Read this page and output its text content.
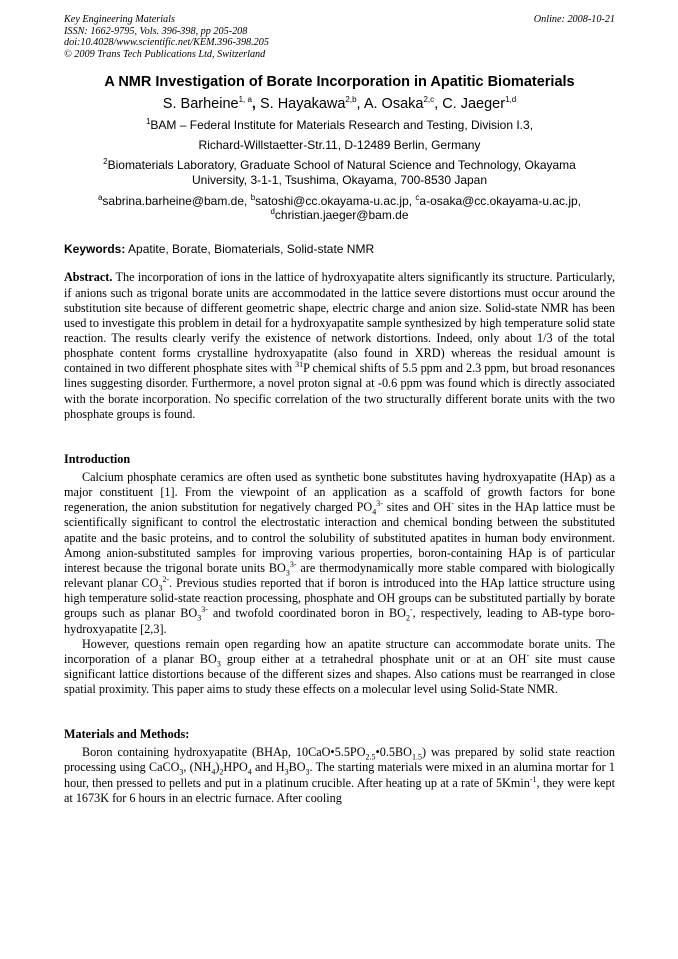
Key Engineering Materials
ISSN: 1662-9795, Vols. 396-398, pp 205-208
doi:10.4028/www.scientific.net/KEM.396-398.205
© 2009 Trans Tech Publications Ltd, Switzerland
Online: 2008-10-21
A NMR Investigation of Borate Incorporation in Apatitic Biomaterials
S. Barheine$^{1, a}$, S. Hayakawa$^{2,b}$, A. Osaka$^{2,c}$, C. Jaeger$^{1,d}$
$^1$BAM – Federal Institute for Materials Research and Testing, Division I.3,
Richard-Willstaetter-Str.11, D-12489 Berlin, Germany
$^2$Biomaterials Laboratory, Graduate School of Natural Science and Technology, Okayama
University, 3-1-1, Tsushima, Okayama, 700-8530 Japan
$^a$sabrina.barheine@bam.de, $^b$satoshi@cc.okayama-u.ac.jp, $^c$a-osaka@cc.okayama-u.ac.jp,
$^d$christian.jaeger@bam.de
Keywords: Apatite, Borate, Biomaterials, Solid-state NMR
Abstract. The incorporation of ions in the lattice of hydroxyapatite alters significantly its structure. Particularly, if anions such as trigonal borate units are accommodated in the lattice severe distortions must occur around the substitution site because of different geometric shape, electric charge and anion size. Solid-state NMR has been used to investigate this problem in detail for a hydroxyapatite sample synthesized by high temperature solid state reaction. The results clearly verify the existence of network distortions. Indeed, only about 1/3 of the total phosphate content forms crystalline hydroxyapatite (also found in XRD) whereas the residual amount is contained in two different phosphate sites with $^{31}$P chemical shifts of 5.5 ppm and 2.3 ppm, but broad resonances lines suggesting disorder. Furthermore, a novel proton signal at -0.6 ppm was found which is directly associated with the borate incorporation. No specific correlation of the two structurally different borate units with the two phosphate groups is found.
Introduction

Calcium phosphate ceramics are often used as synthetic bone substitutes having hydroxyapatite (HAp) as a major constituent [1]. From the viewpoint of an application as a scaffold of growth factors for bone regeneration, the anion substitution for negatively charged $PO_4^{3-}$ sites and OH- sites in the HAp lattice must be scientifically significant to control the electrostatic interaction and chemical bonding between the substituted apatite and the basic proteins, and to control the solubility of substituted apatites in human body environment. Among anion-substituted samples for improving various properties, boron-containing HAp is of particular interest because the trigonal borate units $BO_3^{3-}$ are thermodynamically more stable compared with biologically relevant planar $CO_3^{2-}$. Previous studies reported that if boron is introduced into the HAp lattice structure using high temperature solid-state reaction processing, phosphate and OH groups can be substituted partially by borate groups such as planar $BO_3^{3-}$ and twofold coordinated boron in $BO_2^-$, respectively, leading to AB-type boro-hydroxyapatite [2,3].

However, questions remain open regarding how an apatite structure can accommodate borate units. The incorporation of a planar $BO_3$ group either at a tetrahedral phosphate unit or at an OH- site must cause significant lattice distortions because of the different sizes and shapes. Also cations must be rearranged in close spatial proximity. This paper aims to study these effects on a molecular level using Solid-State NMR.

Materials and Methods:

Boron containing hydroxyapatite (BHAp, $10CaO•5.5PO_{2.5}•0.5BO_{1.5}$) was prepared by solid state reaction processing using CaCO$_3$, $(NH_4)_2HPO_4$ and $H_3BO_3$. The starting materials were mixed in an alumina mortar for 1 hour, then pressed to pellets and put in a platinum crucible. After heating up at a rate of 5Kmin$^{-1}$, they were kept at 1673K for 6 hours in an electric furnace. After cooling
